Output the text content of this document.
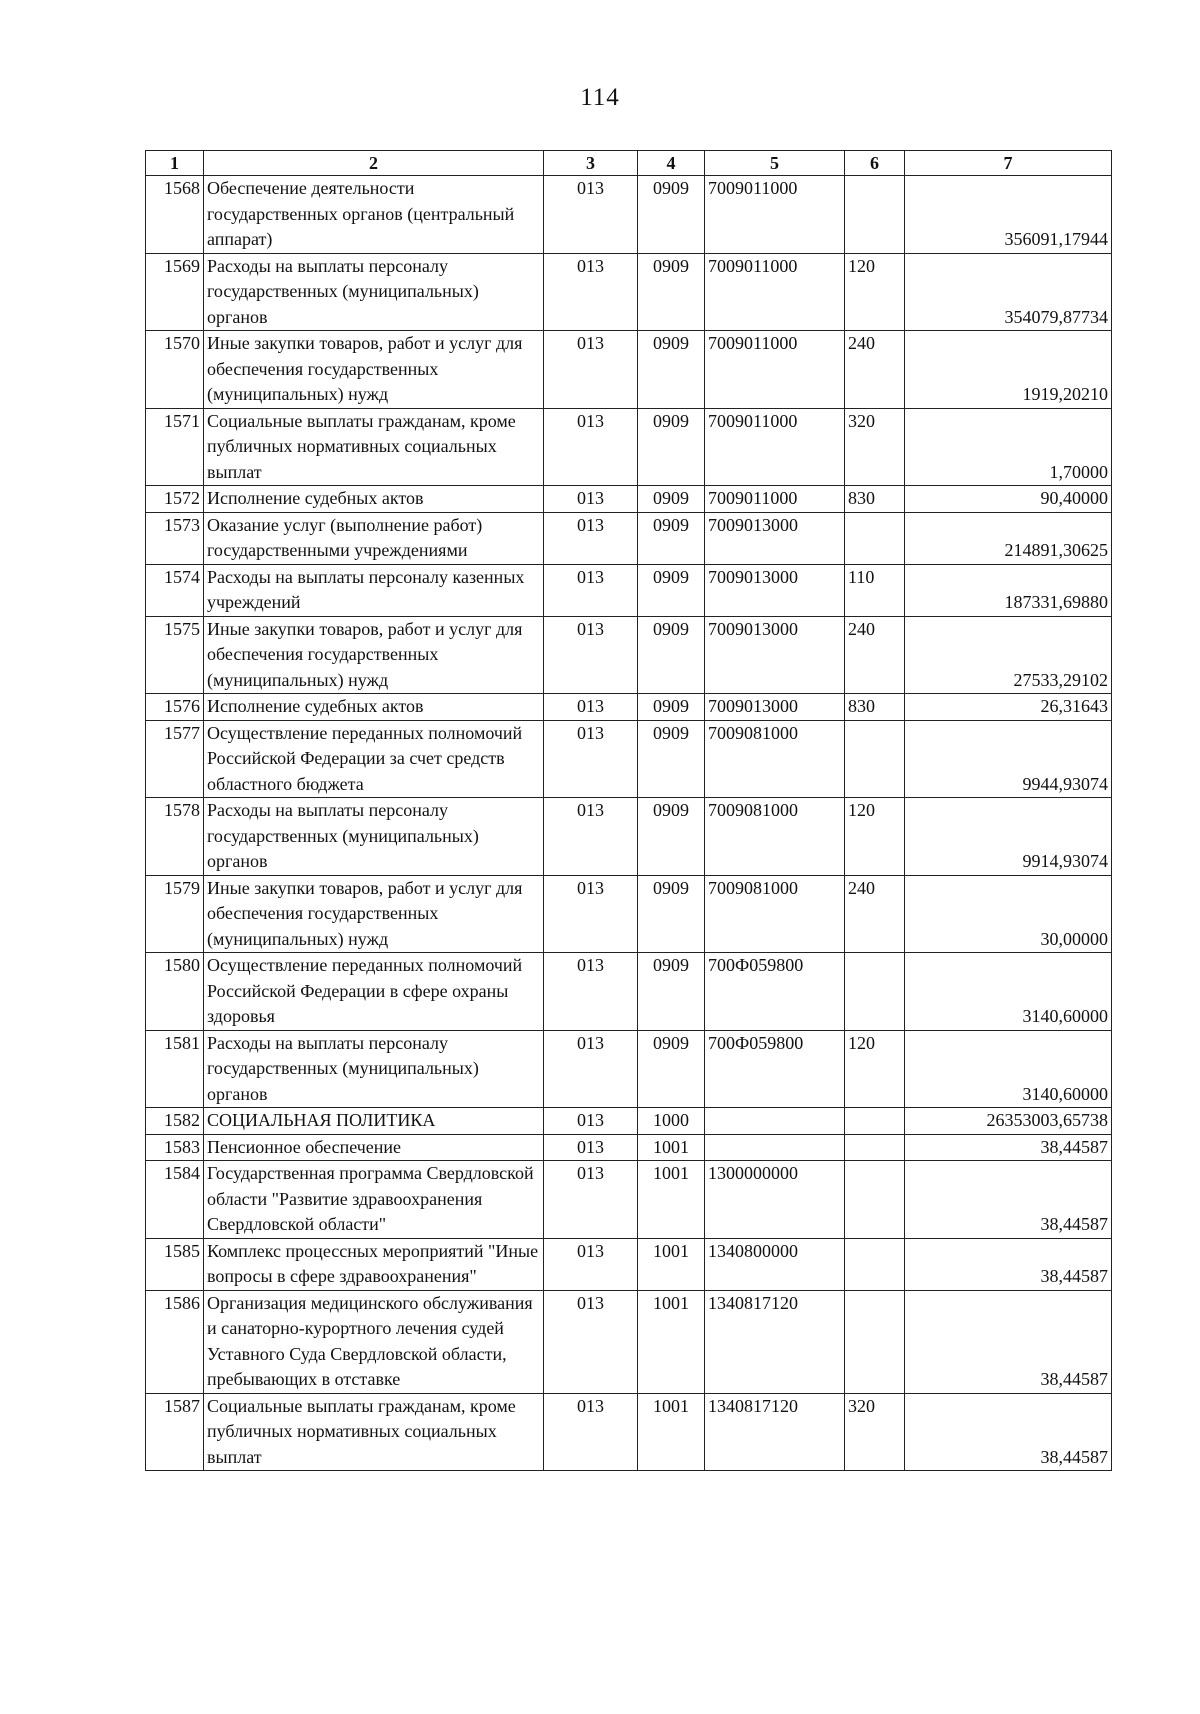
114
1	2	3	4	5	6	7
1568	Обеспечение деятельности государственных органов (центральный аппарат)	013	0909	7009011000		356091,17944
1569	Расходы на выплаты персоналу государственных (муниципальных) органов	013	0909	7009011000	120	354079,87734
1570	Иные закупки товаров, работ и услуг для обеспечения государственных (муниципальных) нужд	013	0909	7009011000	240	1919,20210
1571	Социальные выплаты гражданам, кроме публичных нормативных социальных выплат	013	0909	7009011000	320	1,70000
1572	Исполнение судебных актов	013	0909	7009011000	830	90,40000
1573	Оказание услуг (выполнение работ) государственными учреждениями	013	0909	7009013000		214891,30625
1574	Расходы на выплаты персоналу казенных учреждений	013	0909	7009013000	110	187331,69880
1575	Иные закупки товаров, работ и услуг для обеспечения государственных (муниципальных) нужд	013	0909	7009013000	240	27533,29102
1576	Исполнение судебных актов	013	0909	7009013000	830	26,31643
1577	Осуществление переданных полномочий Российской Федерации за счет средств областного бюджета	013	0909	7009081000		9944,93074
1578	Расходы на выплаты персоналу государственных (муниципальных) органов	013	0909	7009081000	120	9914,93074
1579	Иные закупки товаров, работ и услуг для обеспечения государственных (муниципальных) нужд	013	0909	7009081000	240	30,00000
1580	Осуществление переданных полномочий Российской Федерации в сфере охраны здоровья	013	0909	700Ф059800		3140,60000
1581	Расходы на выплаты персоналу государственных (муниципальных) органов	013	0909	700Ф059800	120	3140,60000
1582	СОЦИАЛЬНАЯ ПОЛИТИКА	013	1000			26353003,65738
1583	Пенсионное обеспечение	013	1001			38,44587
1584	Государственная программа Свердловской области "Развитие здравоохранения Свердловской области"	013	1001	1300000000		38,44587
1585	Комплекс процессных мероприятий "Иные вопросы в сфере здравоохранения"	013	1001	1340800000		38,44587
1586	Организация медицинского обслуживания и санаторно-курортного лечения судей Уставного Суда Свердловской области, пребывающих в отставке	013	1001	1340817120		38,44587
1587	Социальные выплаты гражданам, кроме публичных нормативных социальных выплат	013	1001	1340817120	320	38,44587
